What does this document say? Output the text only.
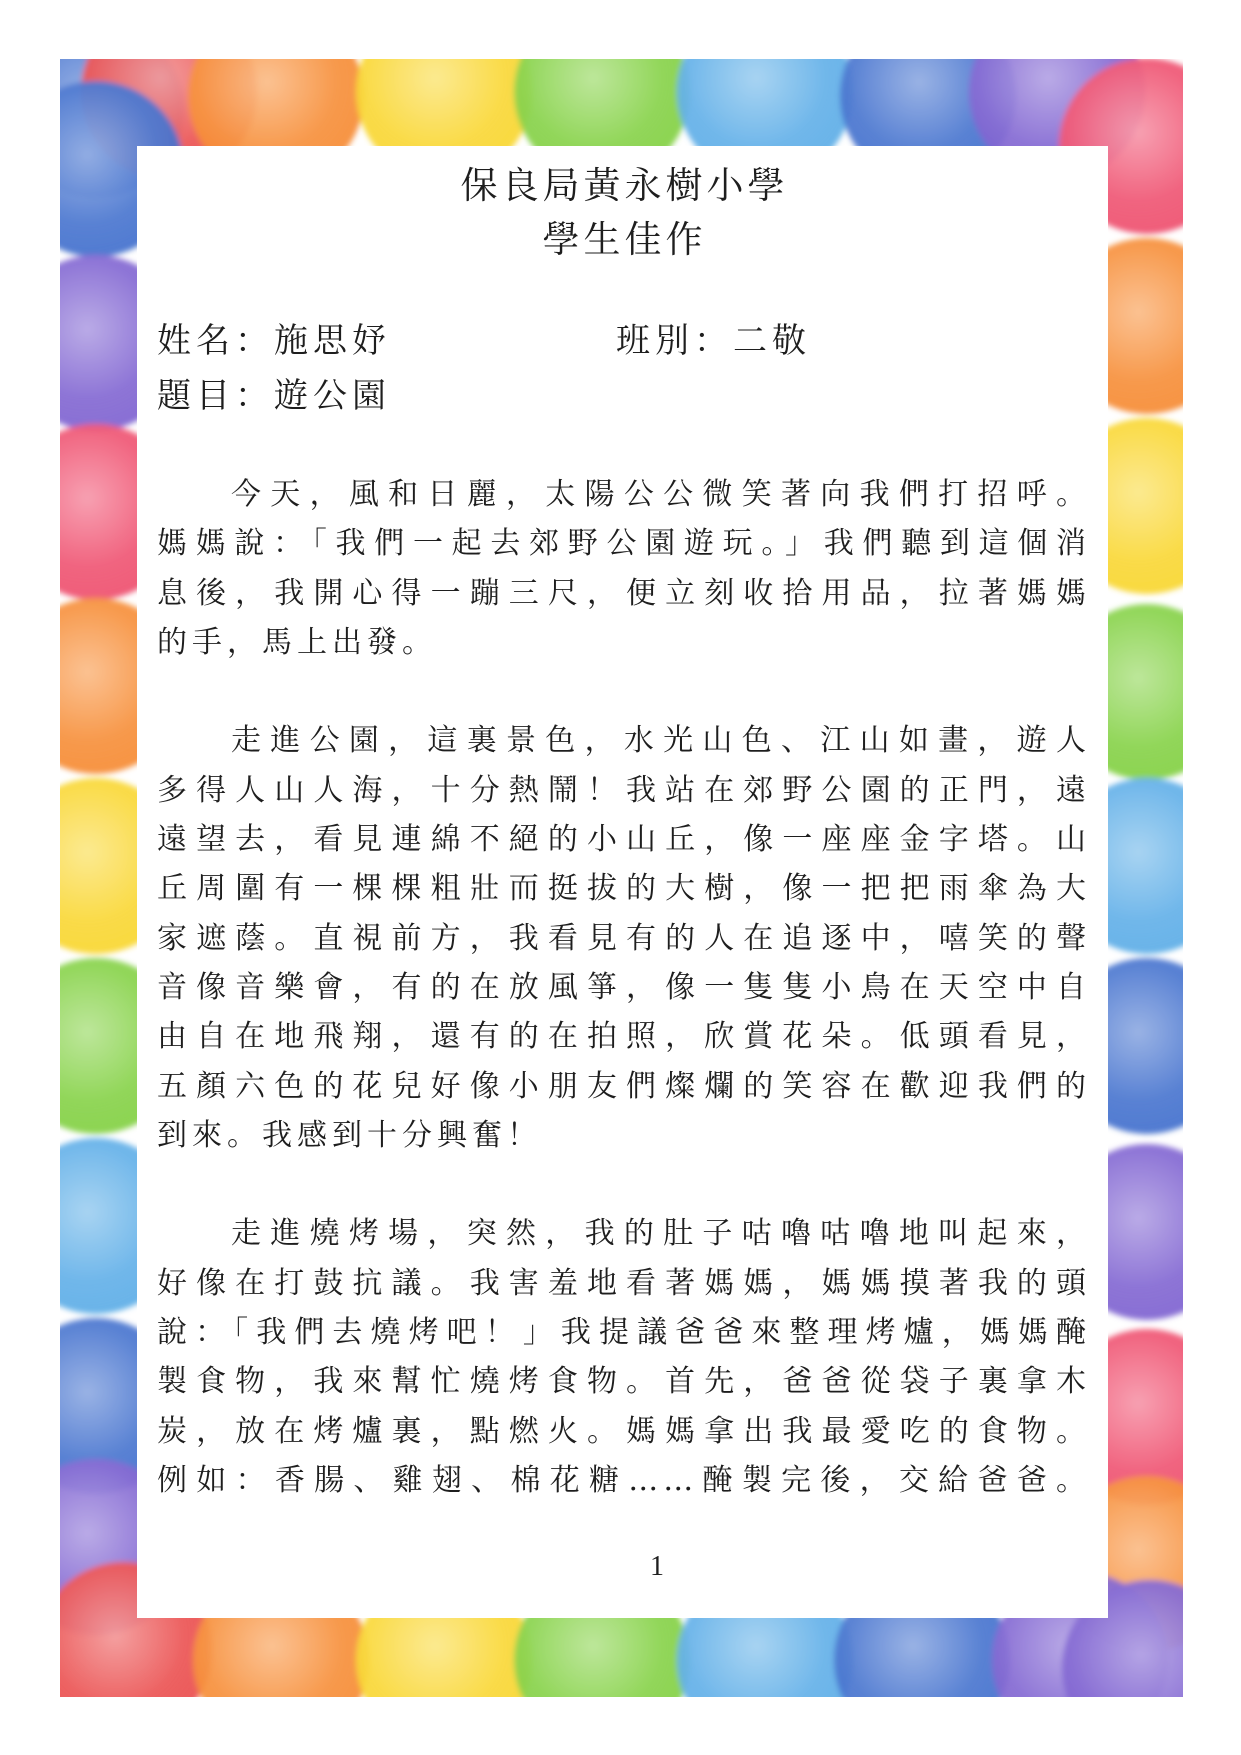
保良局黃永樹小學
學生佳作
姓名：施思妤	班別：二敬
題目：遊公園
今天，風和日麗，太陽公公微笑著向我們打招呼。
媽媽說：「我們一起去郊野公園遊玩。」我們聽到這個消
息後，我開心得一蹦三尺，便立刻收拾用品，拉著媽媽
的手，馬上出發。
走進公園，這裏景色，水光山色、江山如畫，遊人
多得人山人海，十分熱鬧！我站在郊野公園的正門，遠
遠望去，看見連綿不絕的小山丘，像一座座金字塔。山
丘周圍有一棵棵粗壯而挺拔的大樹，像一把把雨傘為大
家遮蔭。直視前方，我看見有的人在追逐中，嘻笑的聲
音像音樂會，有的在放風箏，像一隻隻小鳥在天空中自
由自在地飛翔，還有的在拍照，欣賞花朵。低頭看見，
五顏六色的花兒好像小朋友們燦爛的笑容在歡迎我們的
到來。我感到十分興奮！
走進燒烤場，突然，我的肚子咕嚕咕嚕地叫起來，
好像在打鼓抗議。我害羞地看著媽媽，媽媽摸著我的頭
說：「我們去燒烤吧！」我提議爸爸來整理烤爐，媽媽醃
製食物，我來幫忙燒烤食物。首先，爸爸從袋子裏拿木
炭，放在烤爐裏，點燃火。媽媽拿出我最愛吃的食物。
例如：香腸、雞翅、棉花糖……醃製完後，交給爸爸。
1
